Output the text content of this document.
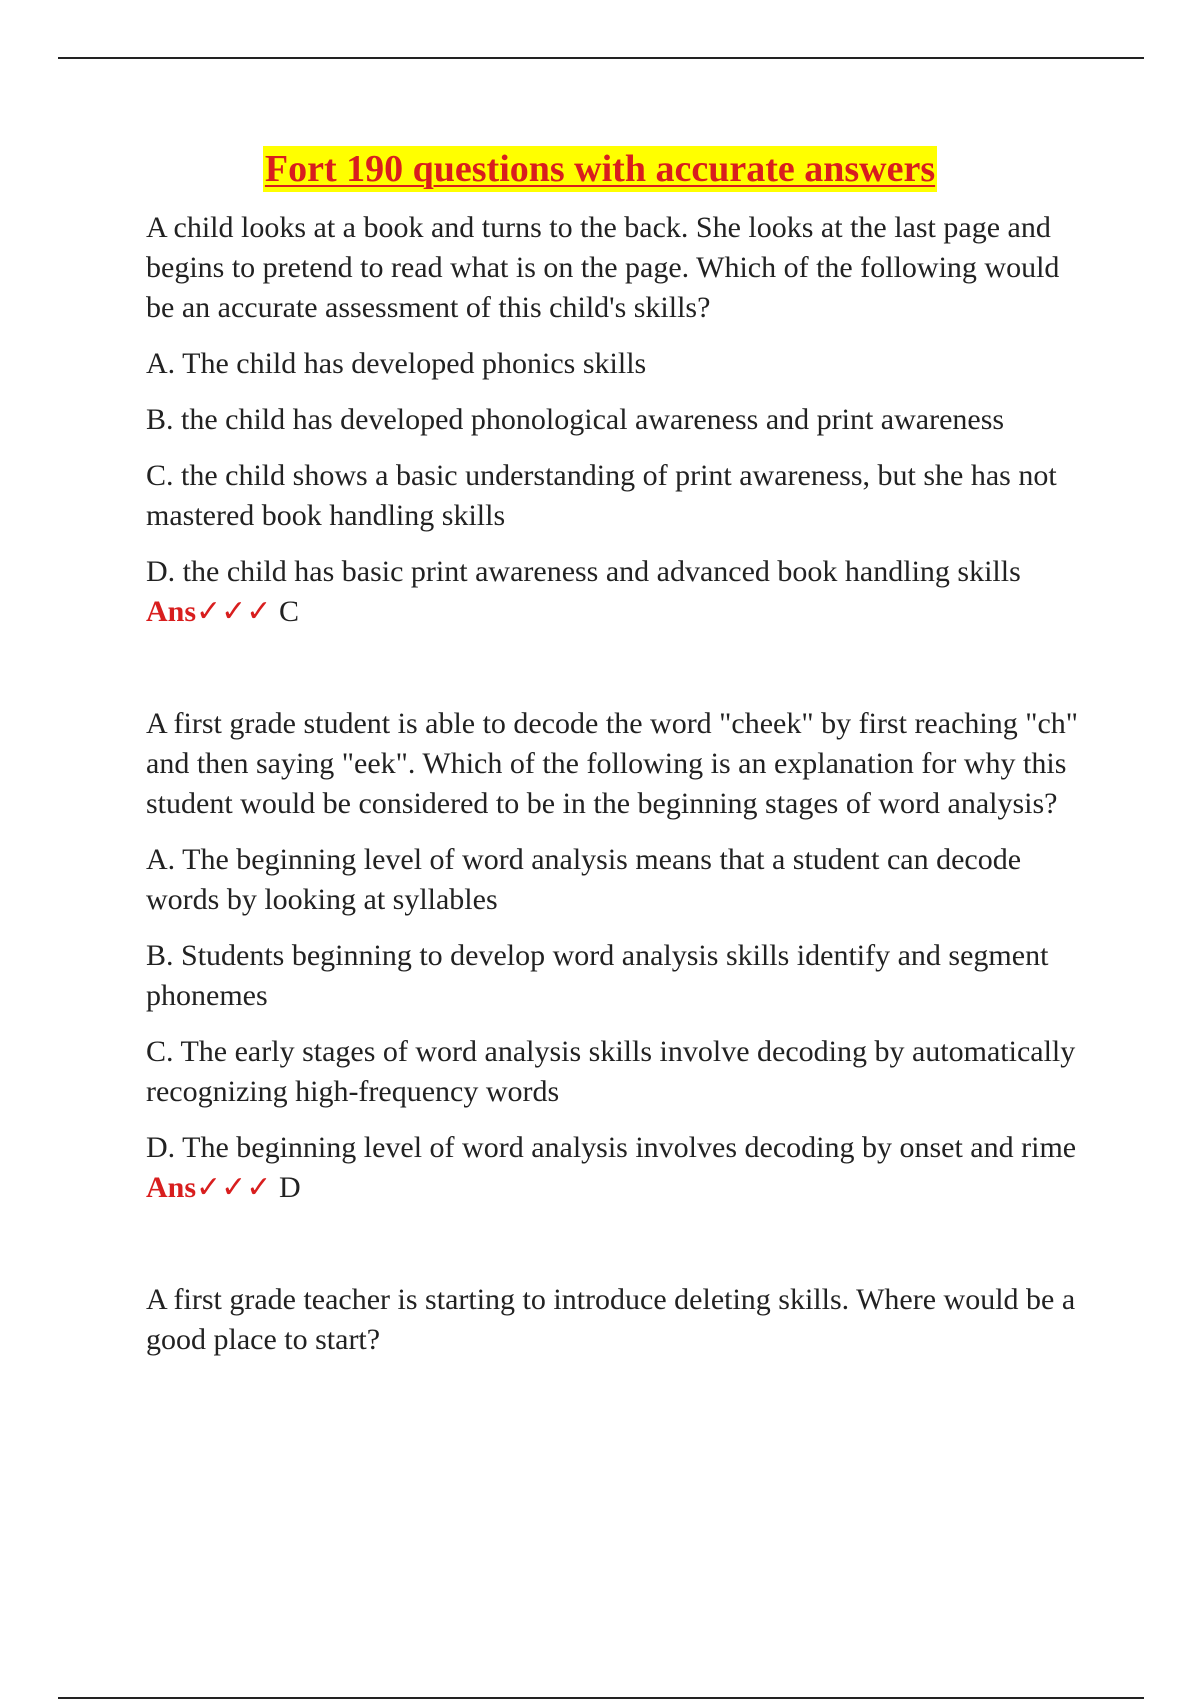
Fort 190 questions with accurate answers

A child looks at a book and turns to the back. She looks at the last page and begins to pretend to read what is on the page. Which of the following would be an accurate assessment of this child's skills?

A. The child has developed phonics skills

B. the child has developed phonological awareness and print awareness

C. the child shows a basic understanding of print awareness, but she has not mastered book handling skills

D. the child has basic print awareness and advanced book handling skills
Ans✓✓✓ C

A first grade student is able to decode the word "cheek" by first reaching "ch" and then saying "eek". Which of the following is an explanation for why this student would be considered to be in the beginning stages of word analysis?

A. The beginning level of word analysis means that a student can decode words by looking at syllables

B. Students beginning to develop word analysis skills identify and segment phonemes

C. The early stages of word analysis skills involve decoding by automatically recognizing high-frequency words

D. The beginning level of word analysis involves decoding by onset and rime Ans✓✓✓ D

A first grade teacher is starting to introduce deleting skills. Where would be a good place to start?
